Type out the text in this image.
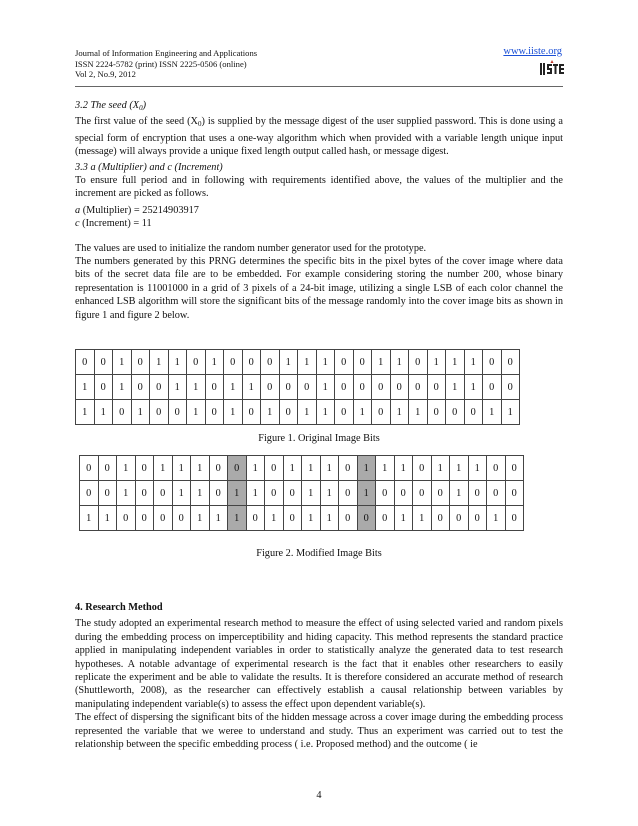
Journal of Information Engineering and Applications
ISSN 2224-5782 (print) ISSN 2225-0506 (online)
Vol 2, No.9, 2012
www.iiste.org

3.2 The seed $(X_0)$

The first value of the seed $(X_0)$ is supplied by the message digest of the user supplied password. This is done using a special form of encryption that uses a one-way algorithm which when provided with a variable length unique input (message) will always provide a unique fixed length output called hash, or message digest.

3.3 a (Multiplier) and c (Increment)

To ensure full period and in following with requirements identified above, the values of the multiplier and the increment are picked as follows.

a (Multiplier) = 25214903917

c (Increment) = 11

The values are used to initialize the random number generator used for the prototype.

The numbers generated by this PRNG determines the specific bits in the pixel bytes of the cover image where data bits of the secret data file are to be embedded. For example considering storing the number 200, whose binary representation is 11001000 in a grid of 3 pixels of a 24-bit image, utilizing a single LSB of each color channel the enhanced LSB algorithm will store the significant bits of the message randomly into the cover image bits as shown in figure 1 and figure 2 below.

0	0	1	0	1	1	0	1	0	0	0	1	1	1	0	0	1	1	0	1	1	1	0	0
1	0	1	0	0	1	1	0	1	1	0	0	0	1	0	0	0	0	0	0	1	1	0	0
1	1	0	1	0	0	1	0	1	0	1	0	1	1	0	1	0	1	1	0	0	0	1	1
Figure 1. Original Image Bits
0	0	1	0	1	1	1	0	0	1	0	1	1	1	0	1	1	1	0	1	1	1	0	0
0	0	1	0	0	1	1	0	1	1	0	0	1	1	0	1	0	0	0	0	1	0	0	0
1	1	0	0	0	0	1	1	1	0	1	0	1	1	0	0	0	1	1	0	0	0	1	0
Figure 2. Modified Image Bits

4. Research Method

The study adopted an experimental research method to measure the effect of using selected varied and random pixels during the embedding process on imperceptibility and hiding capacity. This method represents the standard practice applied in manipulating independent variables in order to statistically analyze the generated data to test research hypotheses. A notable advantage of experimental research is the fact that it enables other researchers to easily replicate the experiment and be able to validate the results. It is therefore considered an accurate method of research (Shuttleworth, 2008), as the researcher can effectively establish a causal relationship between variables by manipulating independent variable(s) to assess the effect upon dependent variable(s).

The effect of dispersing the significant bits of the hidden message across a cover image during the embedding process represented the variable that we wereе to understand and study. Thus an experiment was carried out to test the relationship between the specific embedding process ( i.e. Proposed method) and the outcome ( ie

4
